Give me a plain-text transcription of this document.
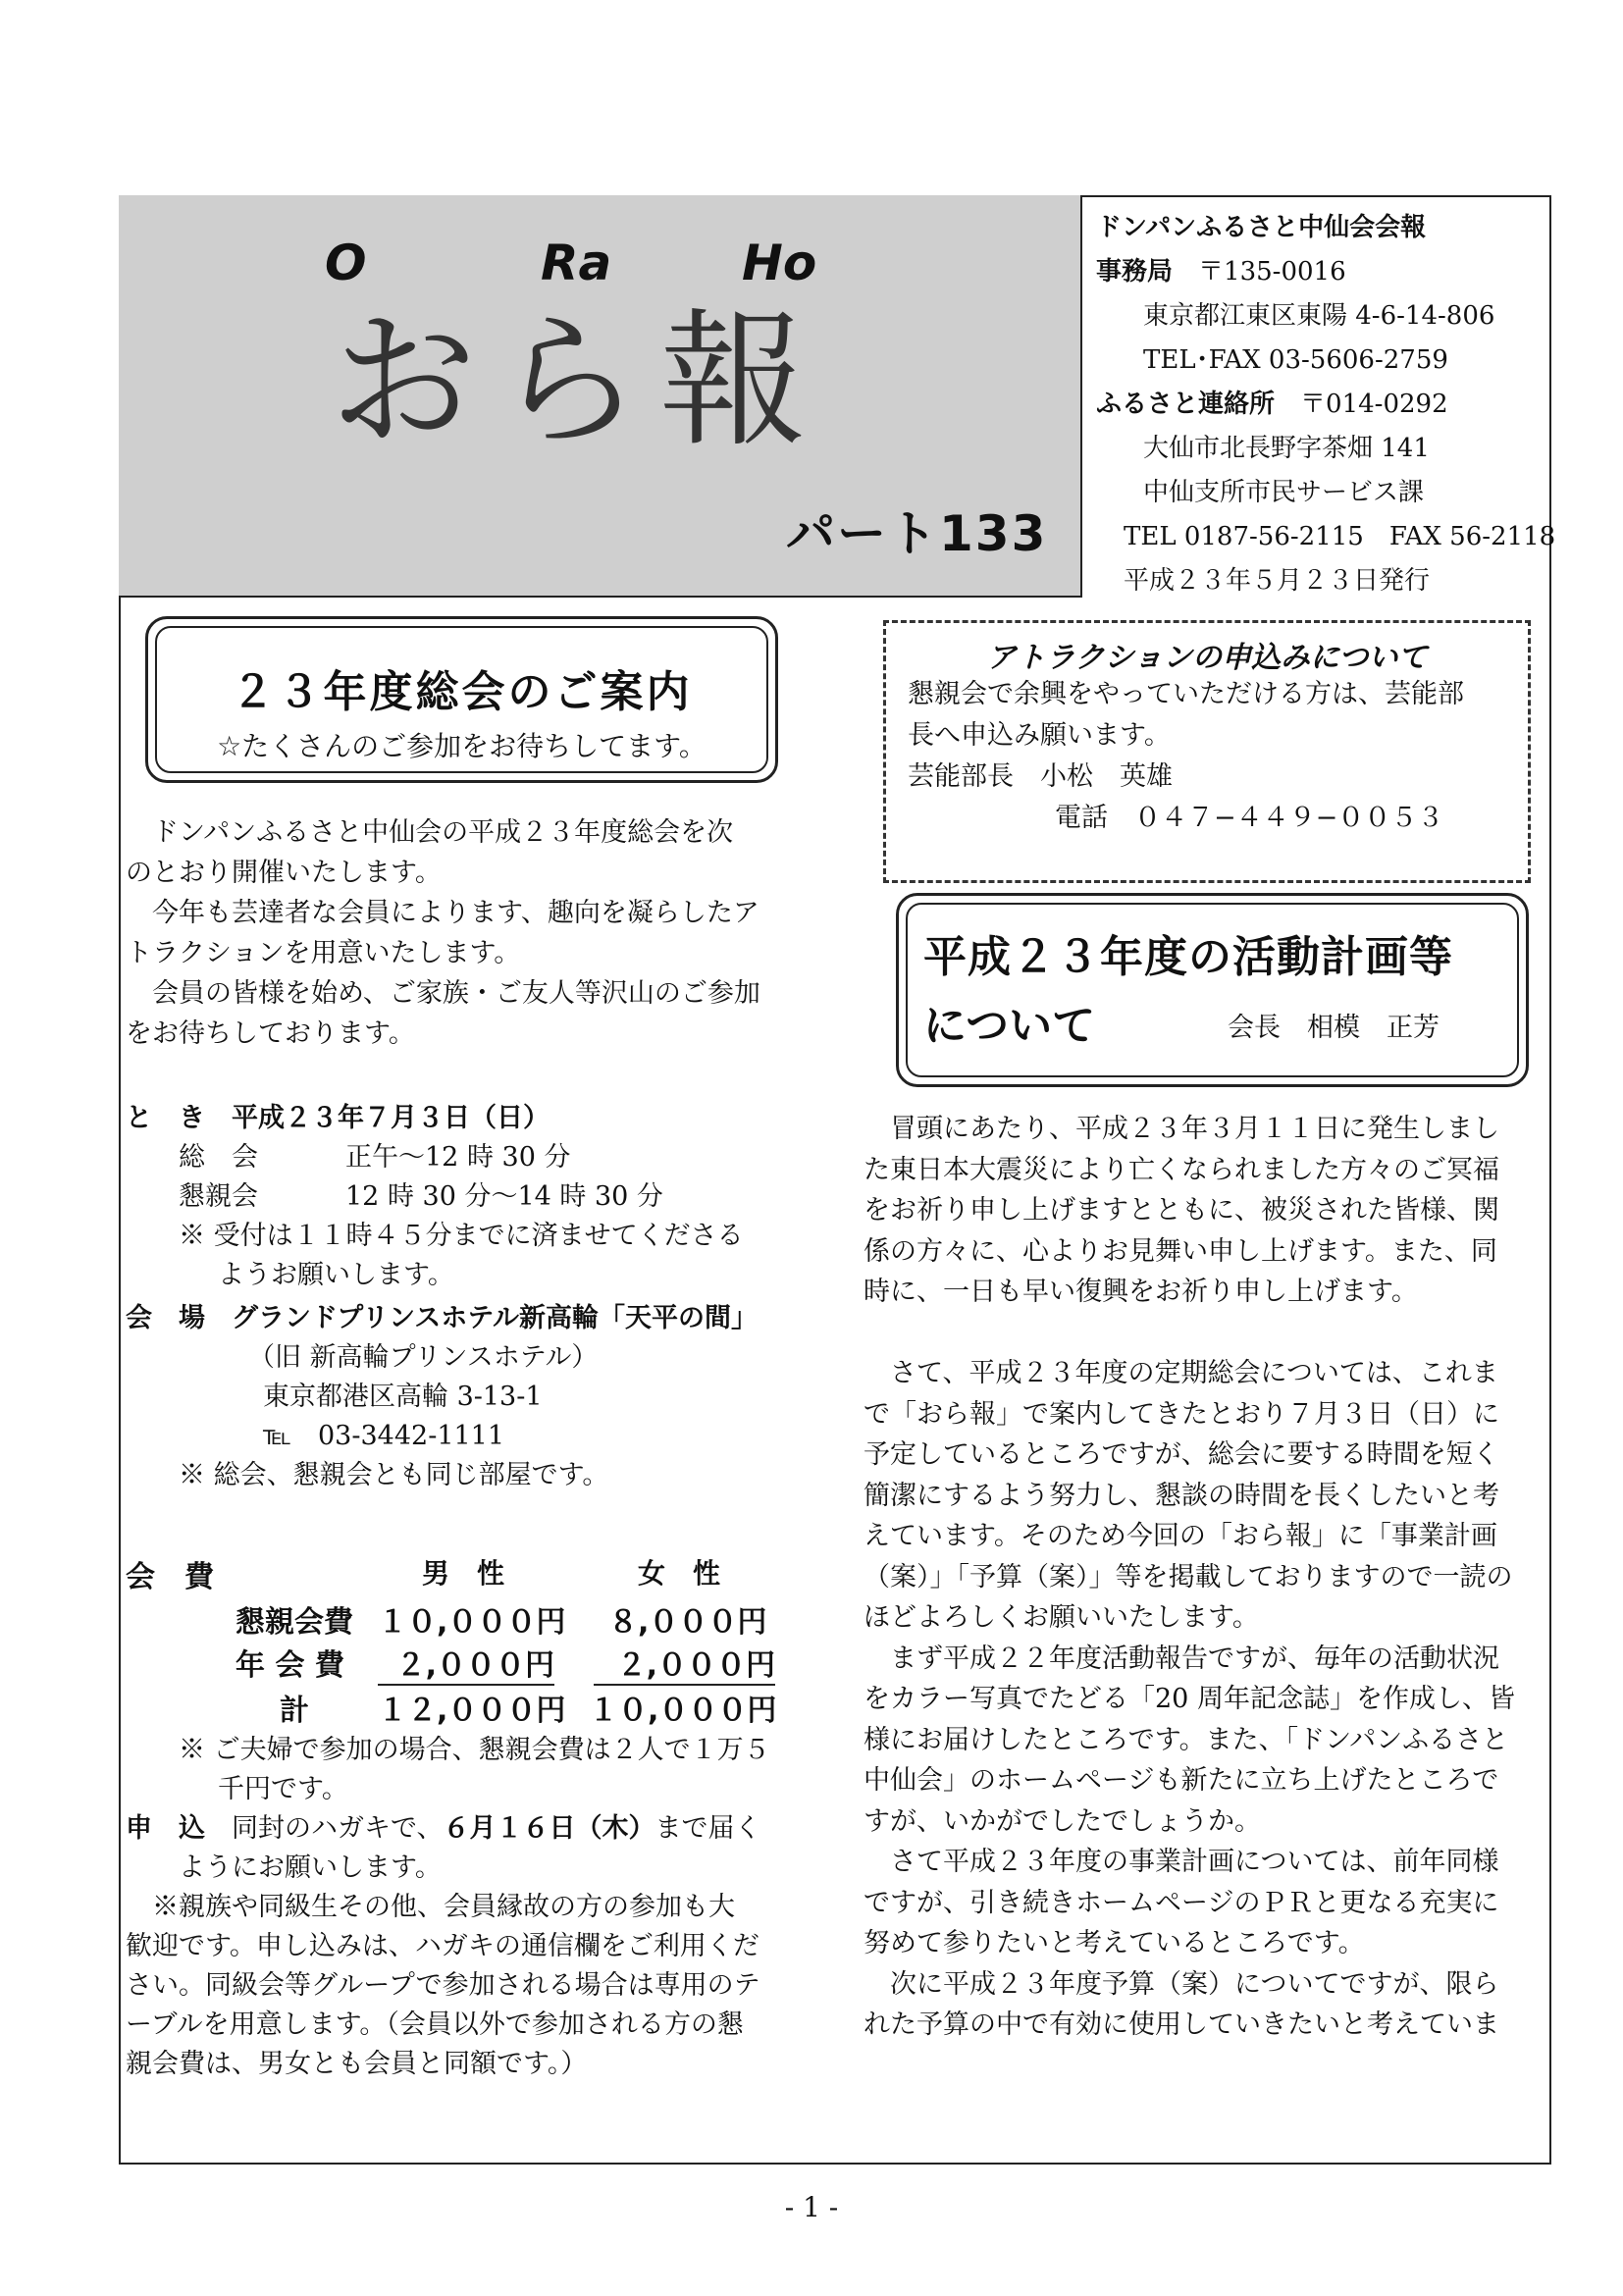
O	Ra	Ho
おら報
パート133
ドンパンふるさと中仙会会報
事務局　 〒135-0016
東京都江東区東陽 4-6-14-806
TEL･FAX 03-5606-2759
ふるさと連絡所　 〒014-0292
大仙市北長野字茶畑 141
中仙支所市民サービス課
TEL 0187-56-2115　FAX 56-2118
平成２３年５月２３日発行
２３年度総会のご案内
☆たくさんのご参加をお待ちしてます。
ドンパンふるさと中仙会の平成２３年度総会を次
のとおり開催いたします。
今年も芸達者な会員によります、趣向を凝らしたア
トラクションを用意いたします。
会員の皆様を始め、ご家族・ご友人等沢山のご参加
をお待ちしております。
と　き　 平成２３年７月３日（日）
総　会	正午〜12 時 30 分
懇親会	12 時 30 分〜14 時 30 分
※ 受付は１１時４５分までに済ませてくださる
ようお願いします。
会　場　 グランドプリンスホテル新高輪「天平の間」
（旧 新高輪プリンスホテル）
東京都港区高輪 3-13-1
℡　03-3442-1111
※ 総会、懇親会とも同じ部屋です。
会　費	男　性	女　性
懇親会費 １０,０００円 ８,０００円
年 会 費	２,０００円	２,０００円
計 １２,０００円 １０,０００円
※ ご夫婦で参加の場合、懇親会費は２人で１万５
千円です。
申　込　 同封のハガキで、６月１６日（木）まで届く
ようにお願いします。
※親族や同級生その他、会員縁故の方の参加も大
歓迎です。申し込みは、ハガキの通信欄をご利用くだ
さい。同級会等グループで参加される場合は専用のテ
ーブルを用意します。（会員以外で参加される方の懇
親会費は、男女とも会員と同額です。）
アトラクションの申込みについて
懇親会で余興をやっていただける方は、芸能部
長へ申込み願います。
芸能部長　小松　英雄
電話　０４７−４４９−００５３
平成２３年度の活動計画等
について	会長　相模　正芳
冒頭にあたり、平成２３年３月１１日に発生しまし
た東日本大震災により亡くなられました方々のご冥福
をお祈り申し上げますとともに、被災された皆様、関
係の方々に、心よりお見舞い申し上げます。また、同
時に、一日も早い復興をお祈り申し上げます。
さて、平成２３年度の定期総会については、これま
で「おら報」で案内してきたとおり７月３日（日）に
予定しているところですが、総会に要する時間を短く
簡潔にするよう努力し、懇談の時間を長くしたいと考
えています。そのため今回の「おら報」に「事業計画
（案）」「予算（案）」等を掲載しておりますので一読の
ほどよろしくお願いいたします。
まず平成２２年度活動報告ですが、毎年の活動状況
をカラー写真でたどる「20 周年記念誌」を作成し、皆
様にお届けしたところです。また、「ドンパンふるさと
中仙会」のホームページも新たに立ち上げたところで
すが、いかがでしたでしょうか。
さて平成２３年度の事業計画については、前年同様
ですが、引き続きホームページのＰＲと更なる充実に
努めて参りたいと考えているところです。
次に平成２３年度予算（案）についてですが、限ら
れた予算の中で有効に使用していきたいと考えていま
- 1 -
